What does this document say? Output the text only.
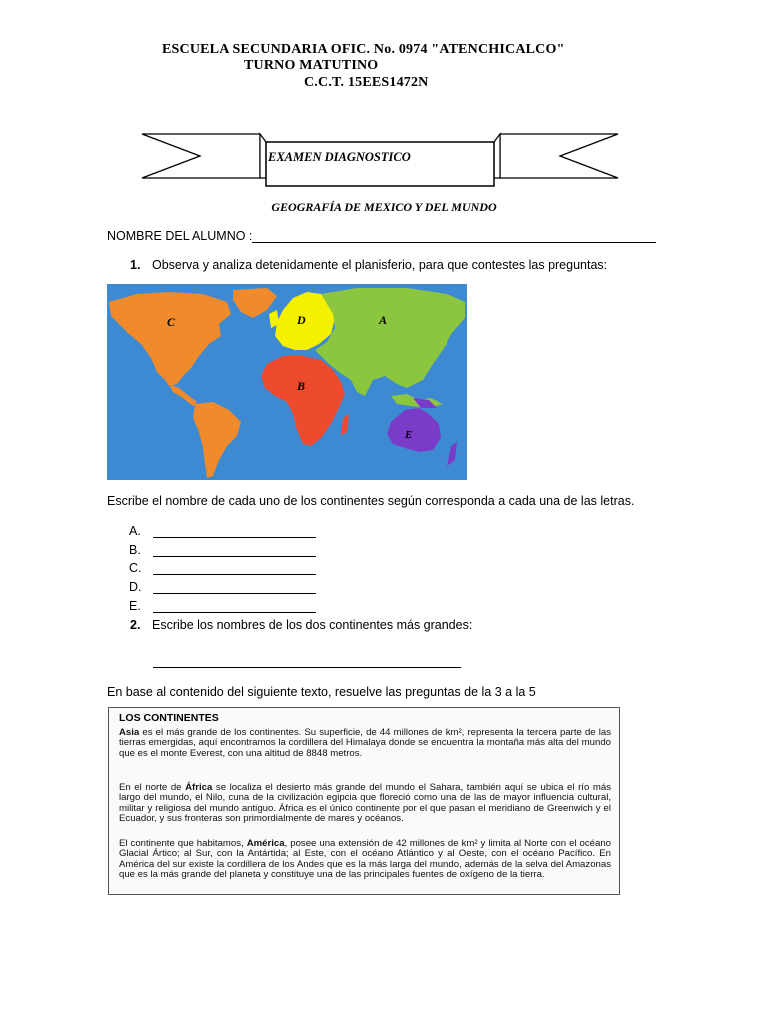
ESCUELA SECUNDARIA OFIC. No. 0974 "ATENCHICALCO"
TURNO MATUTINO
C.C.T. 15EES1472N
EXAMEN DIAGNOSTICO
GEOGRAFÍA DE MEXICO Y DEL MUNDO
NOMBRE DEL ALUMNO :
1. Observa y analiza detenidamente el planisferio, para que contestes las preguntas:
C	D	A
B
E
Escribe el nombre de cada uno de los continentes según corresponda a cada una de las letras.
A.
B.
C.
D.
E.
2. Escribe los nombres de los dos continentes más grandes:
En base al contenido del siguiente texto, resuelve las preguntas de la 3 a la 5
LOS CONTINENTES
Asia es el más grande de los continentes. Su superficie, de 44 millones de km², representa la tercera parte de las tierras emergidas, aquí encontramos la cordillera del Himalaya donde se encuentra la montaña más alta del mundo que es el monte Everest, con una altitud de 8848 metros.
En el norte de África se localiza el desierto más grande del mundo el Sahara, también aquí se ubica el río más largo del mundo, el Nilo, cuna de la civilización egipcia que floreció como una de las de mayor influencia cultural, militar y religiosa del mundo antiguo. África es el único continente por el que pasan el meridiano de Greenwich y el Ecuador, y sus fronteras son primordialmente de mares y océanos.
El continente que habitamos, América, posee una extensión de 42 millones de km² y limita al Norte con el océano Glacial Ártico; al Sur, con la Antártida; al Este, con el océano Atlántico y al Oeste, con el océano Pacífico. En América del sur existe la cordillera de los Andes que es la más larga del mundo, además de la selva del Amazonas que es la más grande del planeta y constituye una de las principales fuentes de oxígeno de la tierra.
